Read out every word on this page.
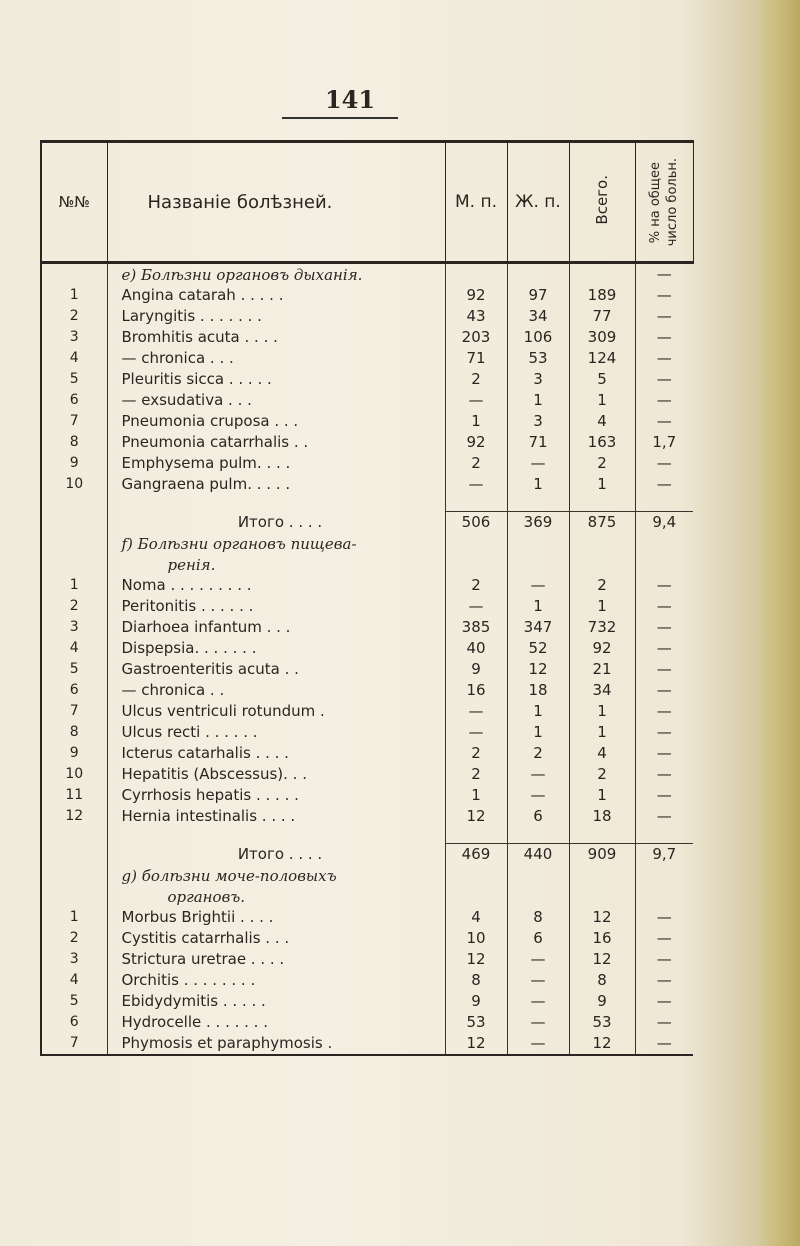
141
№№	Названіе болѣзней.	М. п.	Ж. п.	Всего.	% на общее число больн.

	e) Болѣзни органовъ дыханія.				—
1	Angina catarah . . . . .	92	97	189	—
2	Laryngitis . . . . . . .	43	34	77	—
3	Bromhitis acuta . . . .	203	106	309	—
4	— chronica . . .	71	53	124	—
5	Pleuritis sicca . . . . .	2	3	5	—
6	— exsudativa . . .	—	1	1	—
7	Pneumonia cruposa . . .	1	3	4	—
8	Pneumonia catarrhalis . .	92	71	163	1,7
9	Emphysema pulm. . . .	2	—	2	—
10	Gangraena pulm. . . . .	—	1	1	—

	Итого . . . .	506	369	875	9,4
	f) Болѣзни органовъ пищева-				
	ренія.				
1	Noma . . . . . . . . .	2	—	2	—
2	Peritonitis . . . . . .	—	1	1	—
3	Diarhoea infantum . . .	385	347	732	—
4	Dispepsia. . . . . . .	40	52	92	—
5	Gastroenteritis acuta . .	9	12	21	—
6	— chronica . .	16	18	34	—
7	Ulcus ventriculi rotundum .	—	1	1	—
8	Ulcus recti . . . . . .	—	1	1	—
9	Icterus catarhalis . . . .	2	2	4	—
10	Hepatitis (Abscessus). . .	2	—	2	—
11	Cyrrhosis hepatis . . . . .	1	—	1	—
12	Hernia intestinalis . . . .	12	6	18	—

	Итого . . . .	469	440	909	9,7
	g) болѣзни моче-половыхъ				
	органовъ.				
1	Morbus Brightii . . . .	4	8	12	—
2	Cystitis catarrhalis . . .	10	6	16	—
3	Strictura uretrae . . . .	12	—	12	—
4	Orchitis . . . . . . . .	8	—	8	—
5	Ebidydymitis . . . . .	9	—	9	—
6	Hydrocelle . . . . . . .	53	—	53	—
7	Phymosis et paraphymosis .	12	—	12	—
